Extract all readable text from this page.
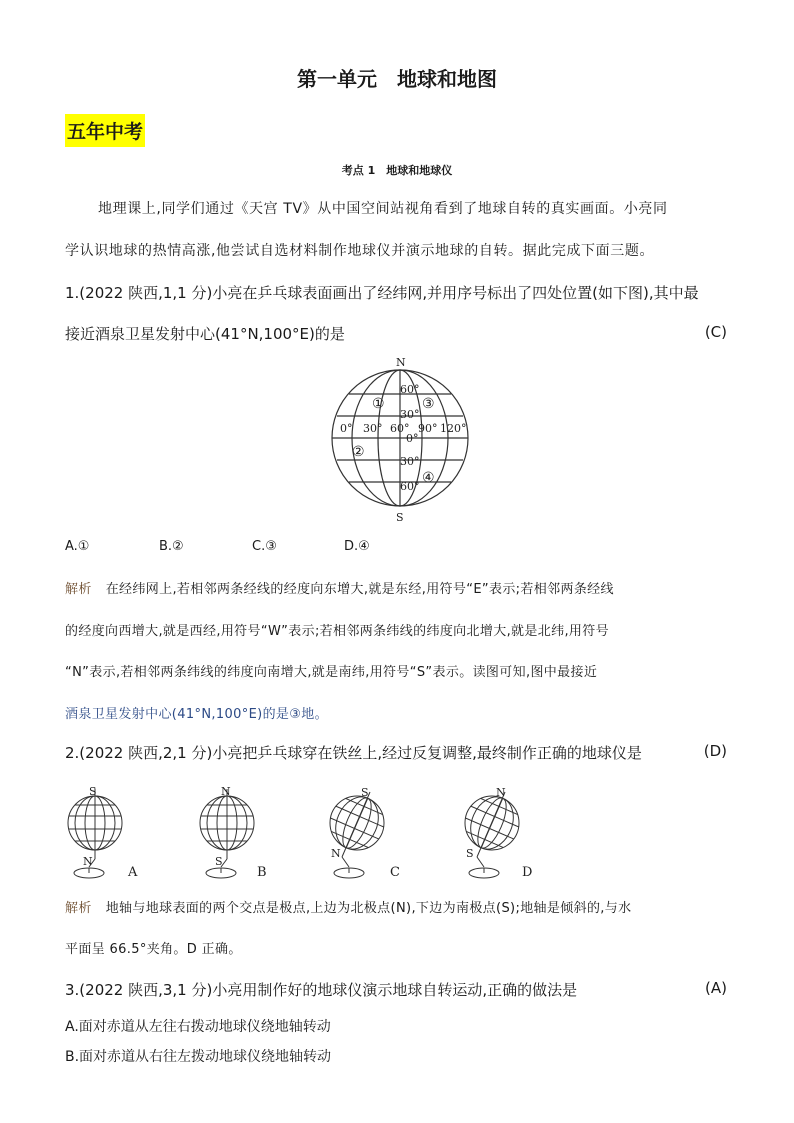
第一单元　地球和地图
五年中考
考点 1　地球和地球仪
地理课上,同学们通过《天宫 TV》从中国空间站视角看到了地球自转的真实画面。小亮同
学认识地球的热情高涨,他尝试自选材料制作地球仪并演示地球的自转。据此完成下面三题。
1.(2022 陕西,1,1 分)小亮在乒乓球表面画出了经纬网,并用序号标出了四处位置(如下图),其中最
接近酒泉卫星发射中心(41°N,100°E)的是	(C)
N
S
60°
30°
0°
30°
60°
0° 30° 60° 90° 120°
①
②
③
④
A.①	B.②	C.③	D.④
解析 在经纬网上,若相邻两条经线的经度向东增大,就是东经,用符号“E”表示;若相邻两条经线
的经度向西增大,就是西经,用符号“W”表示;若相邻两条纬线的纬度向北增大,就是北纬,用符号
“N”表示,若相邻两条纬线的纬度向南增大,就是南纬,用符号“S”表示。读图可知,图中最接近
酒泉卫星发射中心(41°N,100°E)的是③地。
2.(2022 陕西,2,1 分)小亮把乒乓球穿在铁丝上,经过反复调整,最终制作正确的地球仪是	(D)
S
N
A
N
S
B
S
N
C
N
S
D
解析 地轴与地球表面的两个交点是极点,上边为北极点(N),下边为南极点(S);地轴是倾斜的,与水
平面呈 66.5°夹角。D 正确。
3.(2022 陕西,3,1 分)小亮用制作好的地球仪演示地球自转运动,正确的做法是	(A)
A.面对赤道从左往右拨动地球仪绕地轴转动
B.面对赤道从右往左拨动地球仪绕地轴转动
